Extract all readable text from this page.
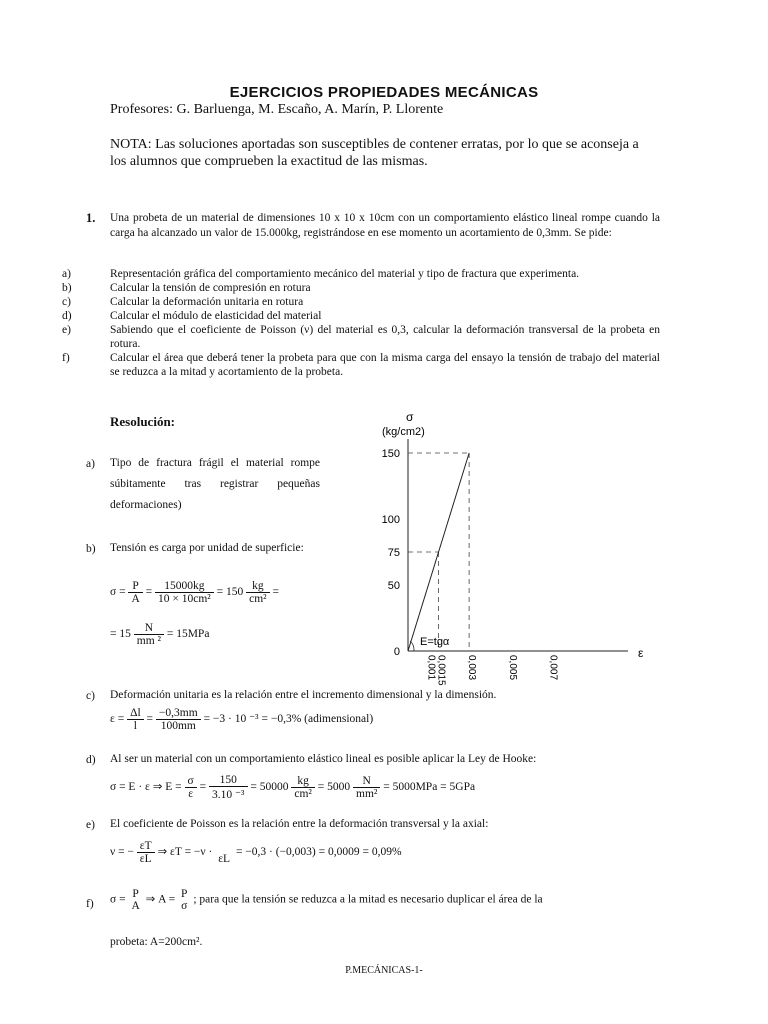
EJERCICIOS PROPIEDADES MECÁNICAS
Profesores: G. Barluenga, M. Escaño, A. Marín, P. Llorente
NOTA: Las soluciones aportadas son susceptibles de contener erratas, por lo que se aconseja a los alumnos que comprueben la exactitud de las mismas.
1. Una probeta de un material de dimensiones 10 x 10 x 10cm con un comportamiento elástico lineal rompe cuando la carga ha alcanzado un valor de 15.000kg, registrándose en ese momento un acortamiento de 0,3mm. Se pide:
a)	Representación gráfica del comportamiento mecánico del material y tipo de fractura que experimenta.
b)	Calcular la tensión de compresión en rotura
c)	Calcular la deformación unitaria en rotura
d)	Calcular el módulo de elasticidad del material
e)	Sabiendo que el coeficiente de Poisson (ν) del material es 0,3, calcular la deformación transversal de la probeta en rotura.
f)	Calcular el área que deberá tener la probeta para que con la misma carga del ensayo la tensión de trabajo del material se reduzca a la mitad y acortamiento de la probeta.
Resolución:
a) Tipo de fractura frágil el material rompe súbitamente tras registrar pequeñas deformaciones)
b) Tensión es carga por unidad de superficie:
$\sigma = \frac{P}{A} = \frac{15000kg}{\text{10 × 10cm²}} = 150 \frac{kg}{\text{cm²}}$ =
= $15 \frac{N}{\text{mm ²}} = 15MPa$
σ
(kg/cm2)
0
50
75
100
150
0,001 0,0015 0,003	0,005	0,007
ε
E=tgα
c) Deformación unitaria es la relación entre el incremento dimensional y la dimensión.
$\varepsilon = \frac{\Delta l}{l} = \frac{-0,3mm}{100mm} = -3 \cdot 10$ ⁻³ = −0,3% (adimensional)
d) Al ser un material con un comportamiento elástico lineal es posible aplicar la Ley de Hooke:
σ = E · ε ⇒ $E = \frac{\sigma}{\varepsilon} = \frac{150}{\text{3.10 ⁻³}} = 50000 \frac{kg}{\text{cm²}} = 5000 \frac{N}{\text{mm²}} = 5000MPa = 5GPa$
e) El coeficiente de Poisson es la relación entre la deformación transversal y la axial:
ν = − $\frac{\varepsilon T}{\varepsilon L}$ ⇒ εT = −ν ·

εL
= −0,3 · (−0,003) = 0,0009 = 0,09%
f) σ = P
A
⇒ A = P
σ
; para que la tensión se reduzca a la mitad es necesario duplicar el área de la
probeta: A=200cm².
P.MECÁNICAS-1-
